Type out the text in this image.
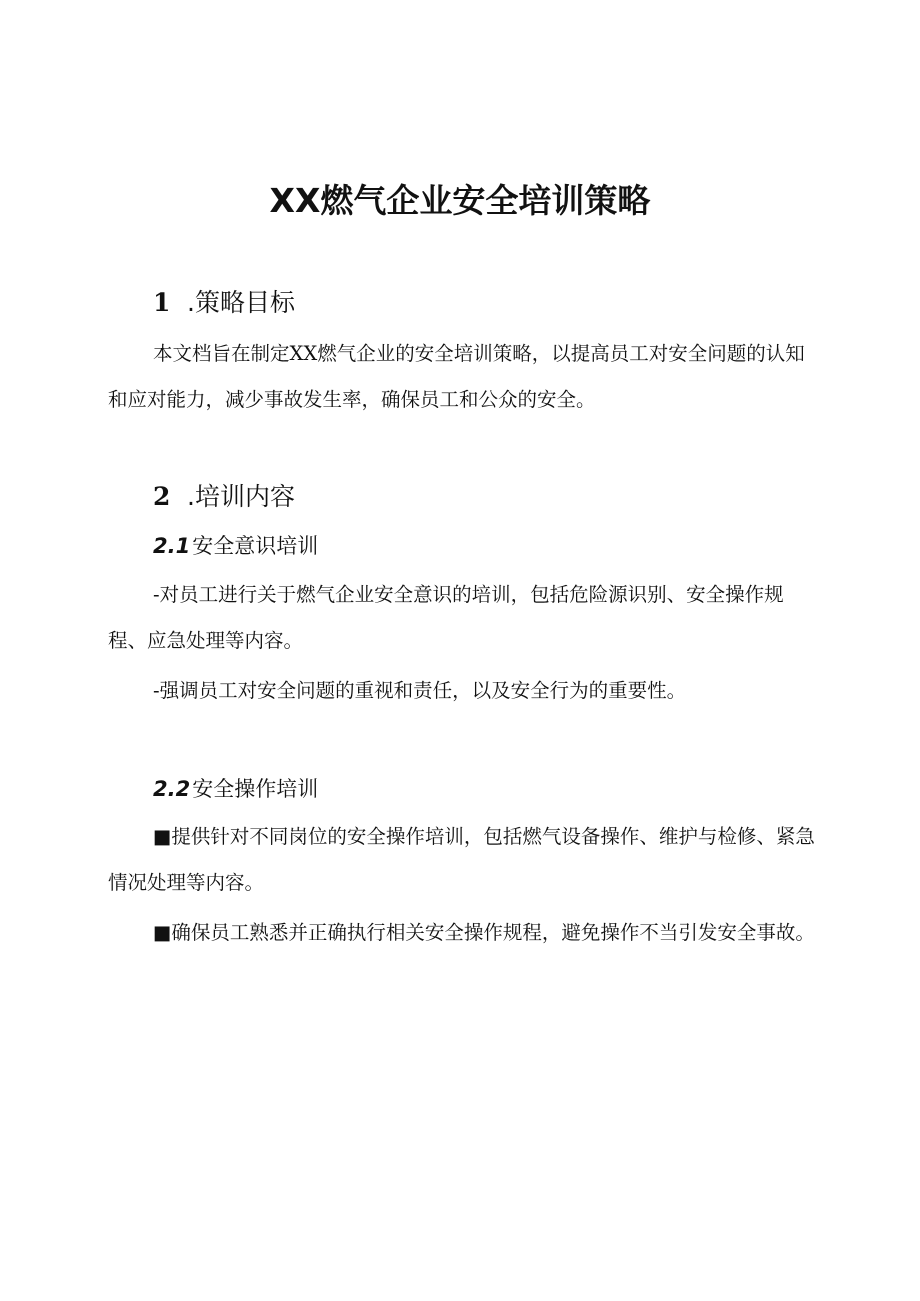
XX燃气企业安全培训策略
1 .策略目标

本文档旨在制定XX燃气企业的安全培训策略，以提高员工对安全问题的认知和应对能力，减少事故发生率，确保员工和公众的安全。

2 .培训内容
2.1安全意识培训

-对员工进行关于燃气企业安全意识的培训，包括危险源识别、安全操作规程、应急处理等内容。

-强调员工对安全问题的重视和责任，以及安全行为的重要性。

2.2安全操作培训

■提供针对不同岗位的安全操作培训，包括燃气设备操作、维护与检修、紧急情况处理等内容。

■确保员工熟悉并正确执行相关安全操作规程，避免操作不当引发安全事故。
